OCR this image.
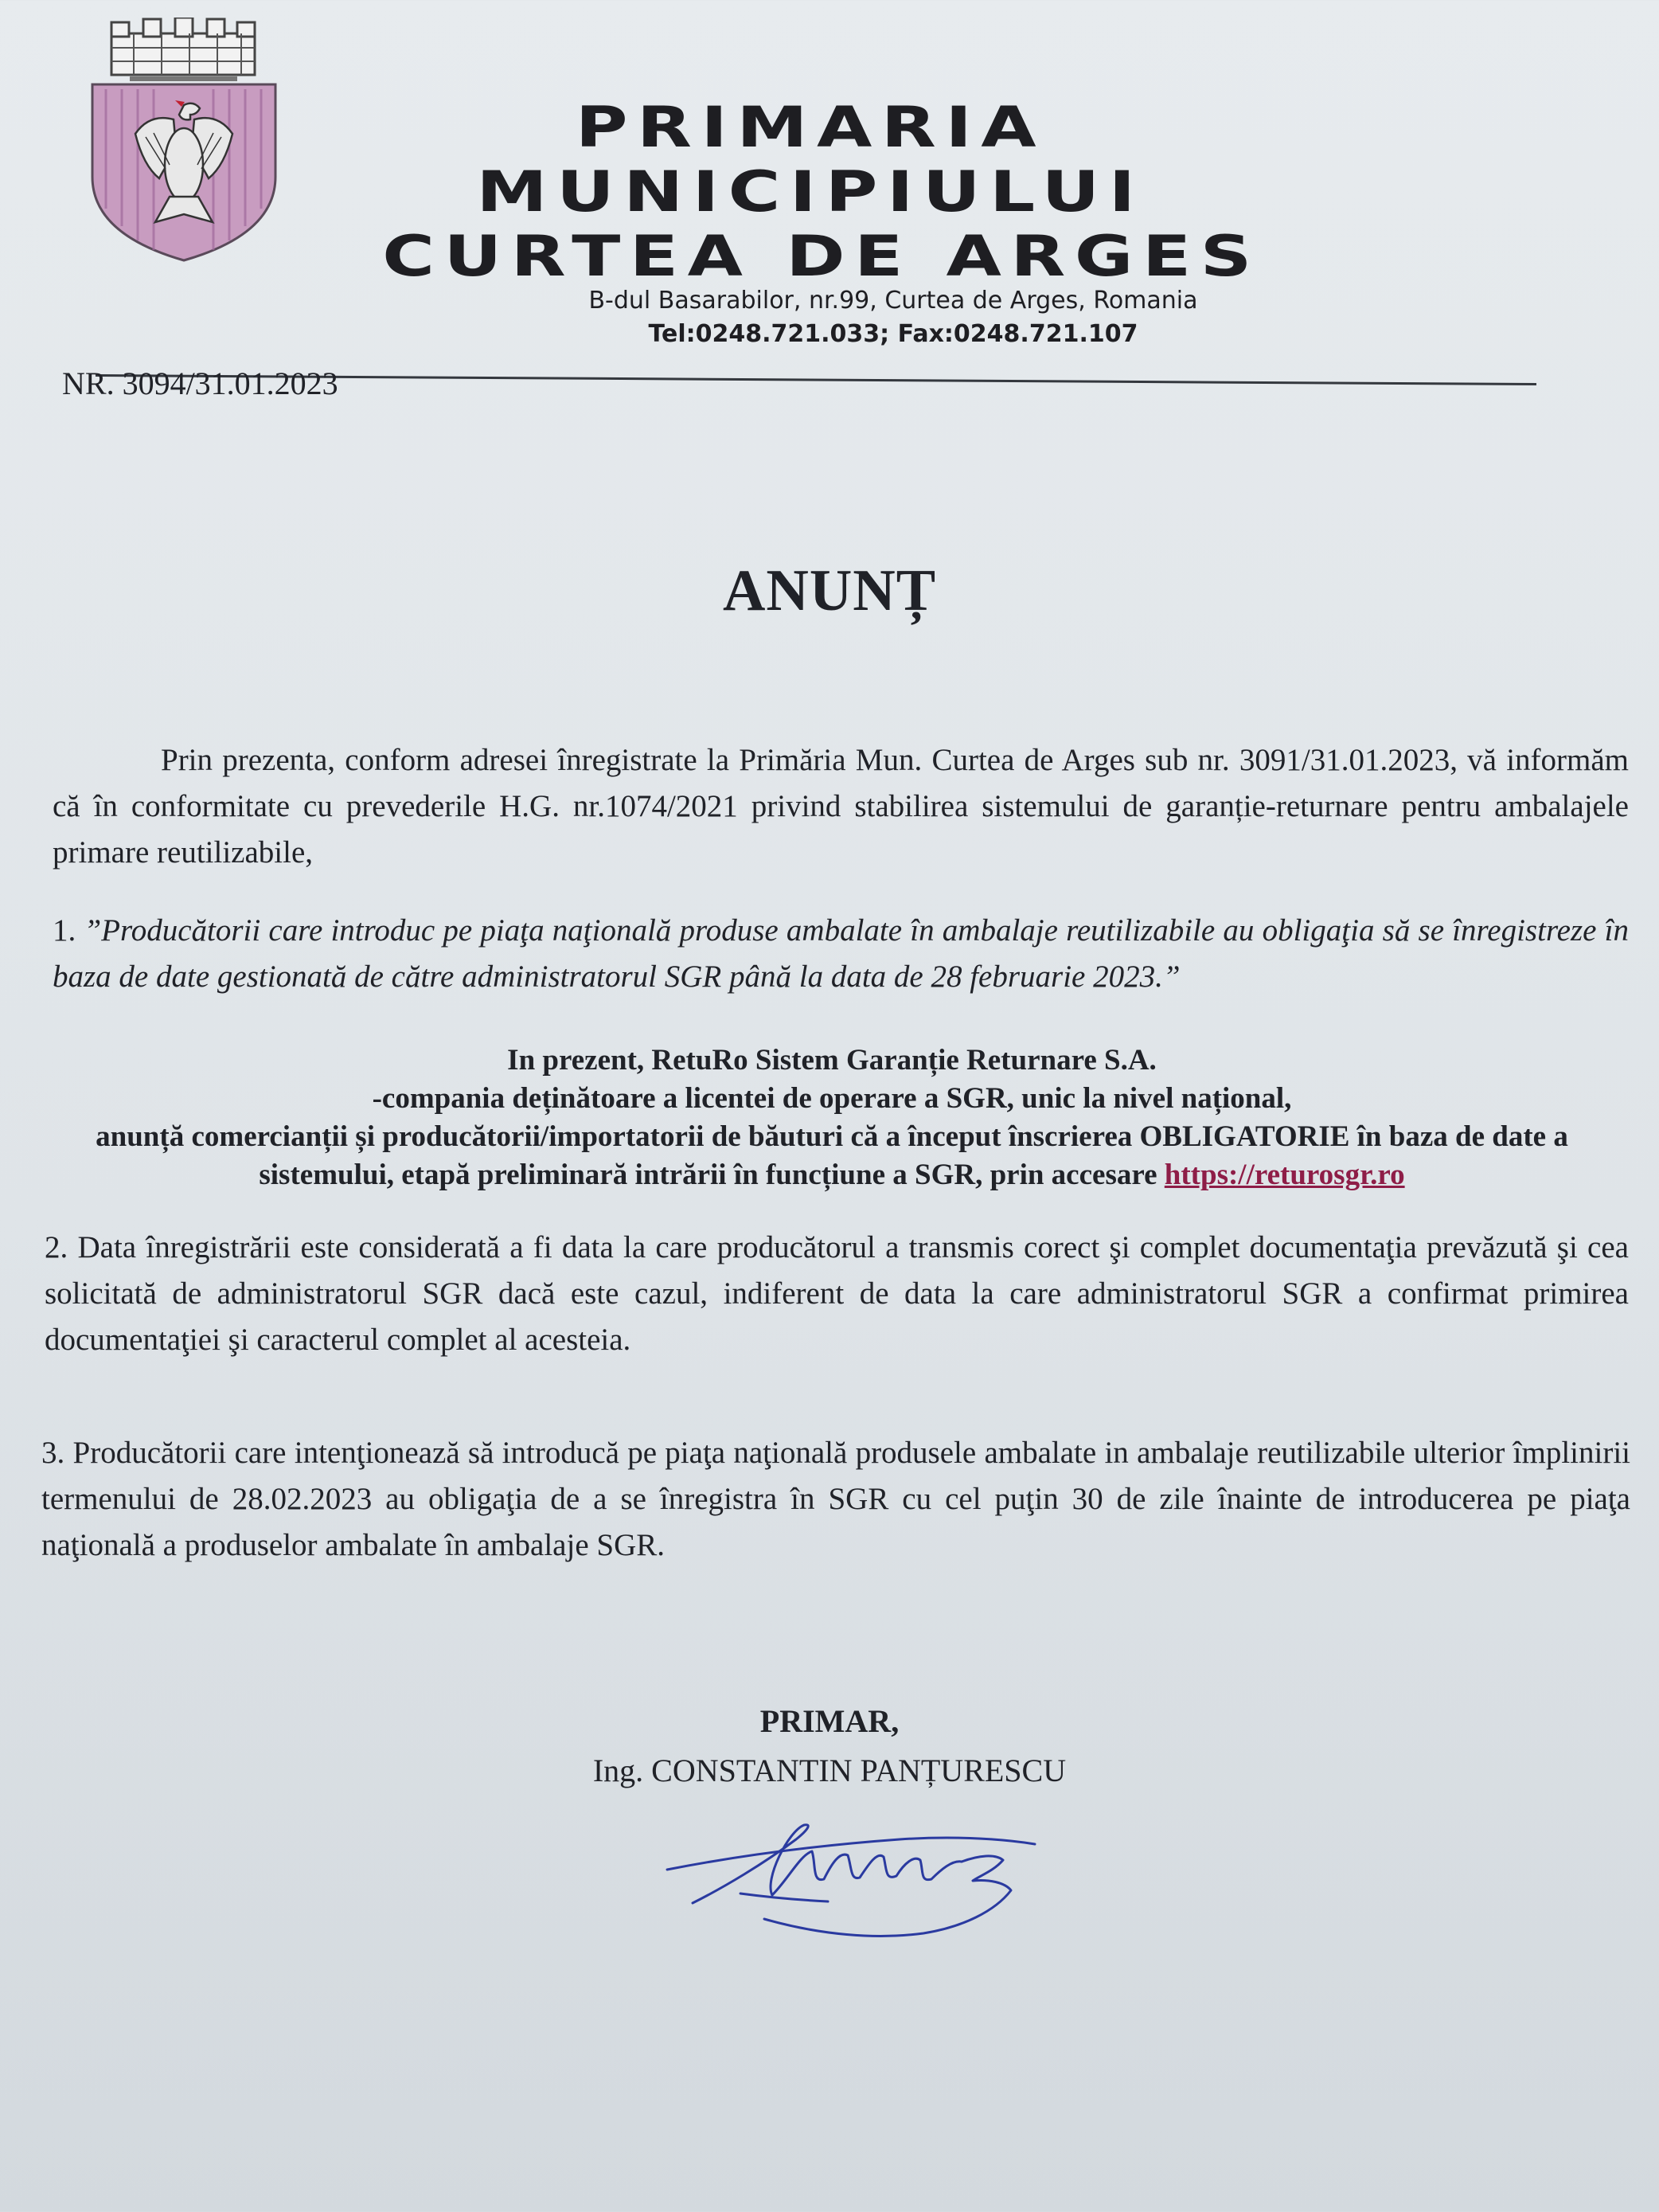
PRIMARIA
MUNICIPIULUI
CURTEA DE ARGES
B-dul Basarabilor, nr.99, Curtea de Arges, Romania
Tel:0248.721.033; Fax:0248.721.107
NR. 3094/31.01.2023
ANUNȚ

Prin prezenta, conform adresei înregistrate la Primăria Mun. Curtea de Arges sub nr. 3091/31.01.2023, vă informăm că în conformitate cu prevederile H.G. nr.1074/2021 privind stabilirea sistemului de garanție-returnare pentru ambalajele primare reutilizabile,

1. ”Producătorii care introduc pe piaţa naţională produse ambalate în ambalaje reutilizabile au obligaţia să se înregistreze în baza de date gestionată de către administratorul SGR până la data de 28 februarie 2023.”

In prezent, RetuRo Sistem Garanție Returnare S.A.
-compania deținătoare a licentei de operare a SGR, unic la nivel național,
anunță comercianții și producătorii/importatorii de băuturi că a început înscrierea OBLIGATORIE în baza de date a sistemului, etapă preliminară intrării în funcțiune a SGR, prin accesare https://returosgr.ro

2. Data înregistrării este considerată a fi data la care producătorul a transmis corect şi complet documentaţia prevăzută şi cea solicitată de administratorul SGR dacă este cazul, indiferent de data la care administratorul SGR a confirmat primirea documentaţiei şi caracterul complet al acesteia.

3. Producătorii care intenţionează să introducă pe piaţa naţională produsele ambalate in ambalaje reutilizabile ulterior împlinirii termenului de 28.02.2023 au obligaţia de a se înregistra în SGR cu cel puţin 30 de zile înainte de introducerea pe piaţa naţională a produselor ambalate în ambalaje SGR.

PRIMAR,
Ing. CONSTANTIN PANȚURESCU
